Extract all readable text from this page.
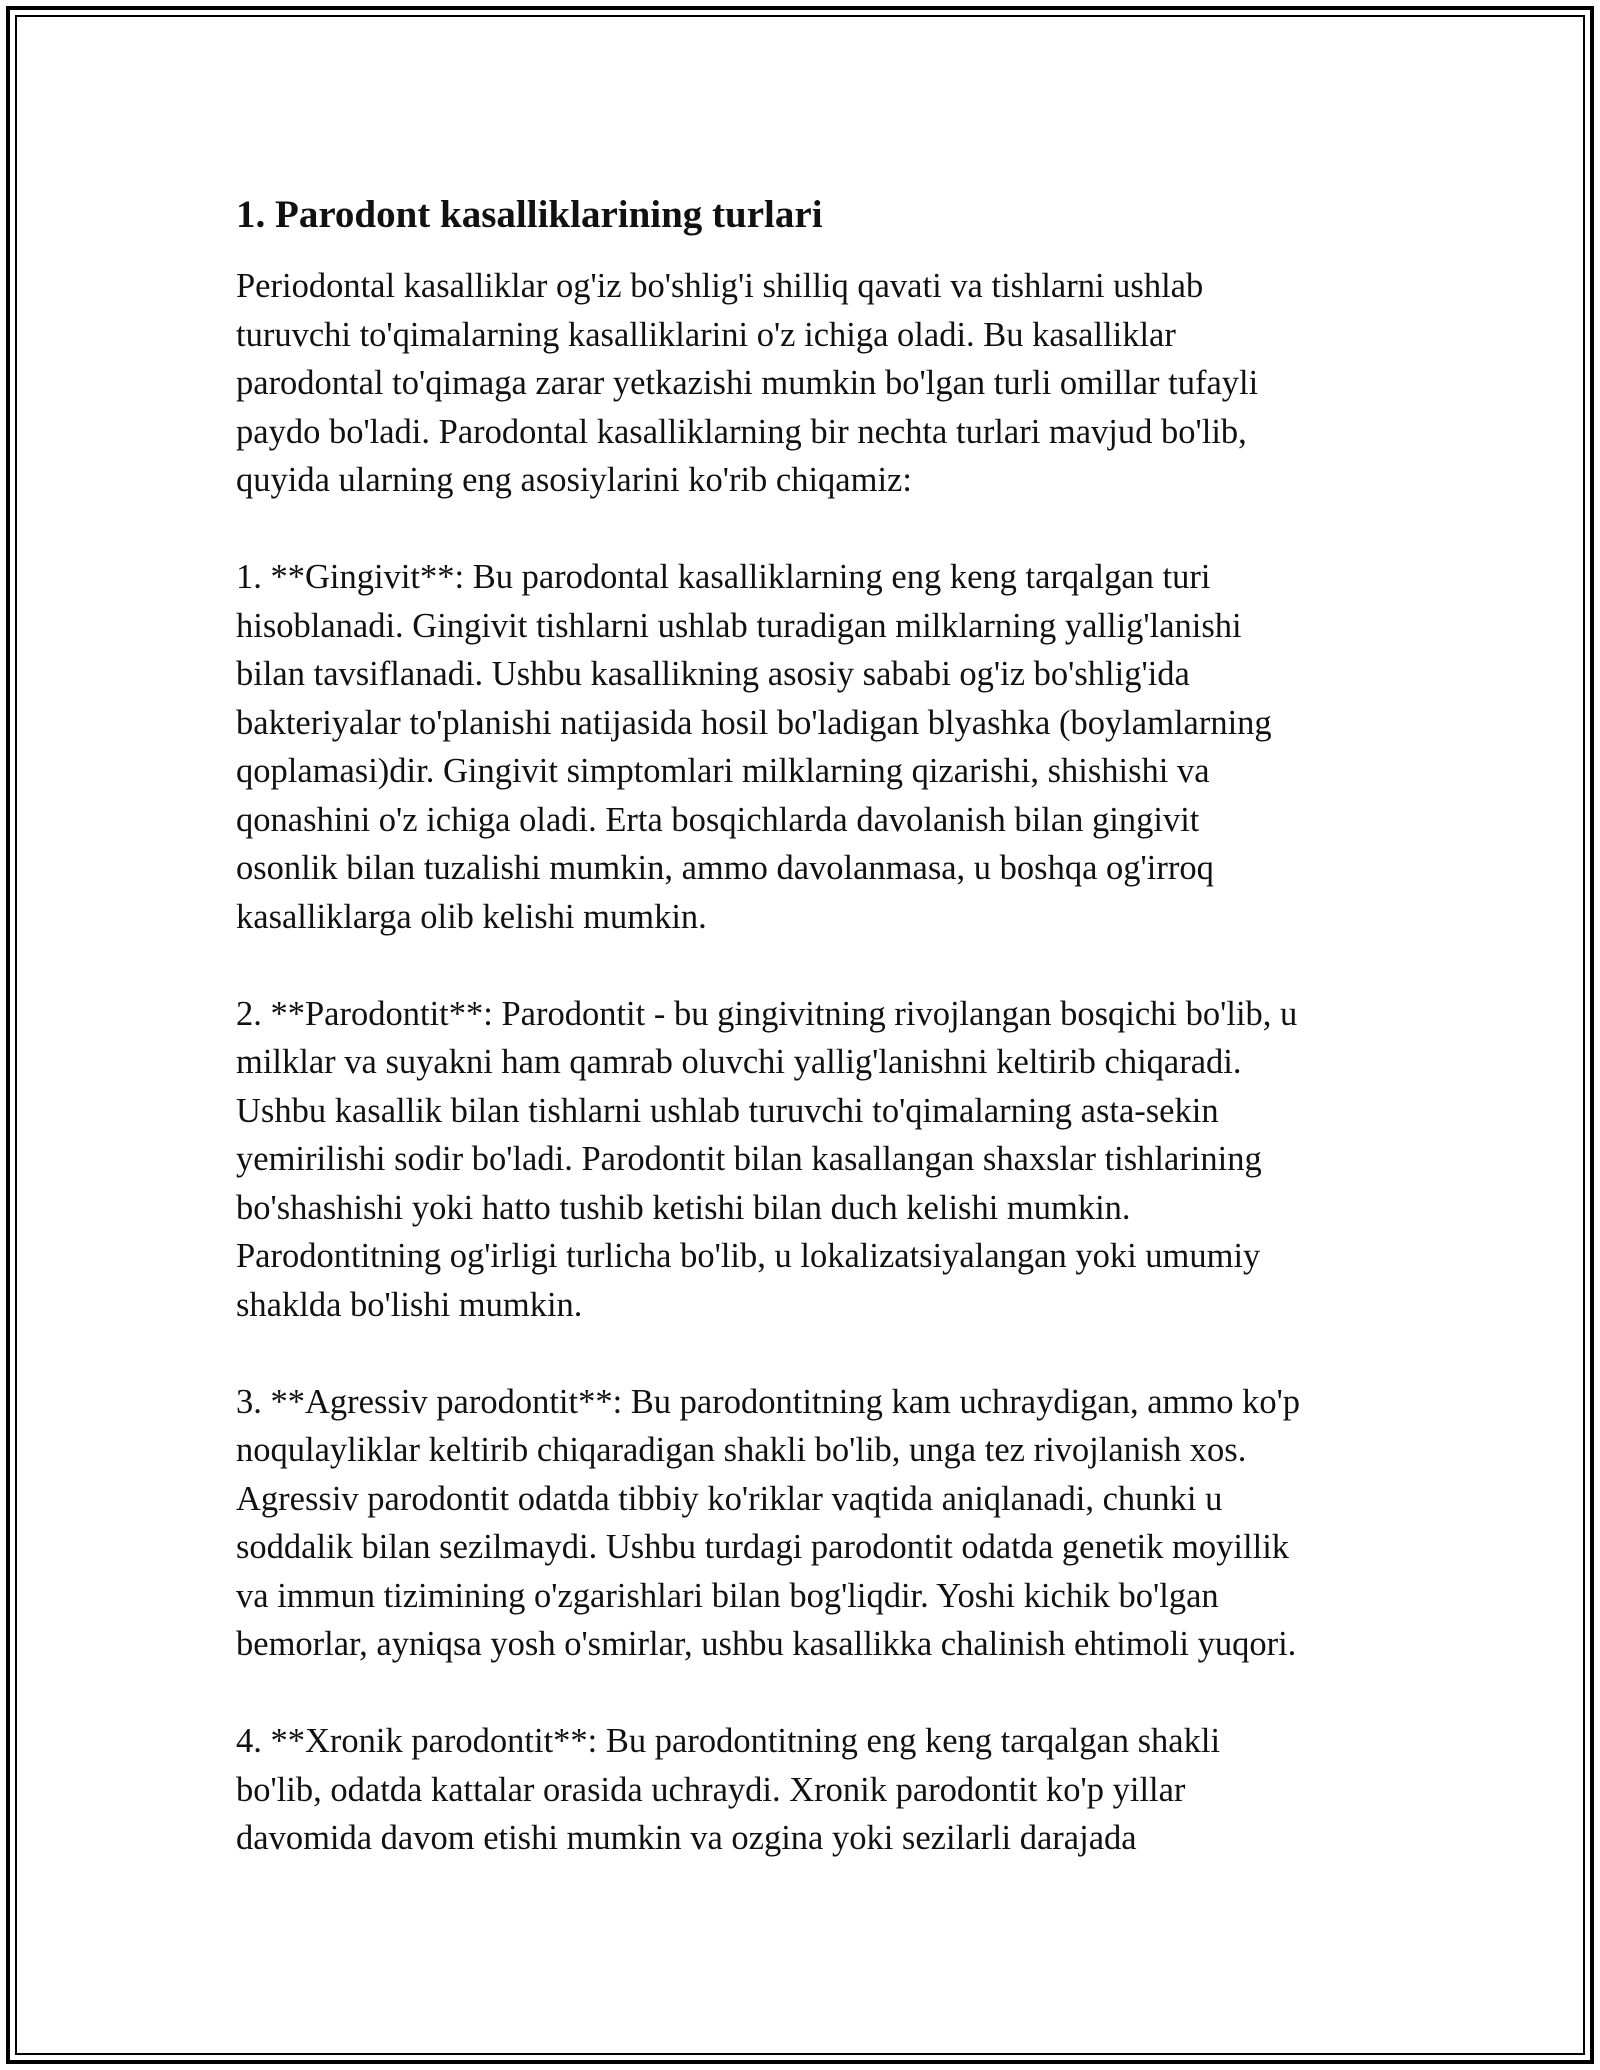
1. Parodont kasalliklarining turlari
Periodontal kasalliklar og'iz bo'shlig'i shilliq qavati va tishlarni ushlab
turuvchi to'qimalarning kasalliklarini o'z ichiga oladi. Bu kasalliklar
parodontal to'qimaga zarar yetkazishi mumkin bo'lgan turli omillar tufayli
paydo bo'ladi. Parodontal kasalliklarning bir nechta turlari mavjud bo'lib,
quyida ularning eng asosiylarini ko'rib chiqamiz:
1. **Gingivit**: Bu parodontal kasalliklarning eng keng tarqalgan turi
hisoblanadi. Gingivit tishlarni ushlab turadigan milklarning yallig'lanishi
bilan tavsiflanadi. Ushbu kasallikning asosiy sababi og'iz bo'shlig'ida
bakteriyalar to'planishi natijasida hosil bo'ladigan blyashka (boylamlarning
qoplamasi)dir. Gingivit simptomlari milklarning qizarishi, shishishi va
qonashini o'z ichiga oladi. Erta bosqichlarda davolanish bilan gingivit
osonlik bilan tuzalishi mumkin, ammo davolanmasa, u boshqa og'irroq
kasalliklarga olib kelishi mumkin.
2. **Parodontit**: Parodontit - bu gingivitning rivojlangan bosqichi bo'lib, u
milklar va suyakni ham qamrab oluvchi yallig'lanishni keltirib chiqaradi.
Ushbu kasallik bilan tishlarni ushlab turuvchi to'qimalarning asta-sekin
yemirilishi sodir bo'ladi. Parodontit bilan kasallangan shaxslar tishlarining
bo'shashishi yoki hatto tushib ketishi bilan duch kelishi mumkin.
Parodontitning og'irligi turlicha bo'lib, u lokalizatsiyalangan yoki umumiy
shaklda bo'lishi mumkin.
3. **Agressiv parodontit**: Bu parodontitning kam uchraydigan, ammo ko'p
noqulayliklar keltirib chiqaradigan shakli bo'lib, unga tez rivojlanish xos.
Agressiv parodontit odatda tibbiy ko'riklar vaqtida aniqlanadi, chunki u
soddalik bilan sezilmaydi. Ushbu turdagi parodontit odatda genetik moyillik
va immun tizimining o'zgarishlari bilan bog'liqdir. Yoshi kichik bo'lgan
bemorlar, ayniqsa yosh o'smirlar, ushbu kasallikka chalinish ehtimoli yuqori.
4. **Xronik parodontit**: Bu parodontitning eng keng tarqalgan shakli
bo'lib, odatda kattalar orasida uchraydi. Xronik parodontit ko'p yillar
davomida davom etishi mumkin va ozgina yoki sezilarli darajada
